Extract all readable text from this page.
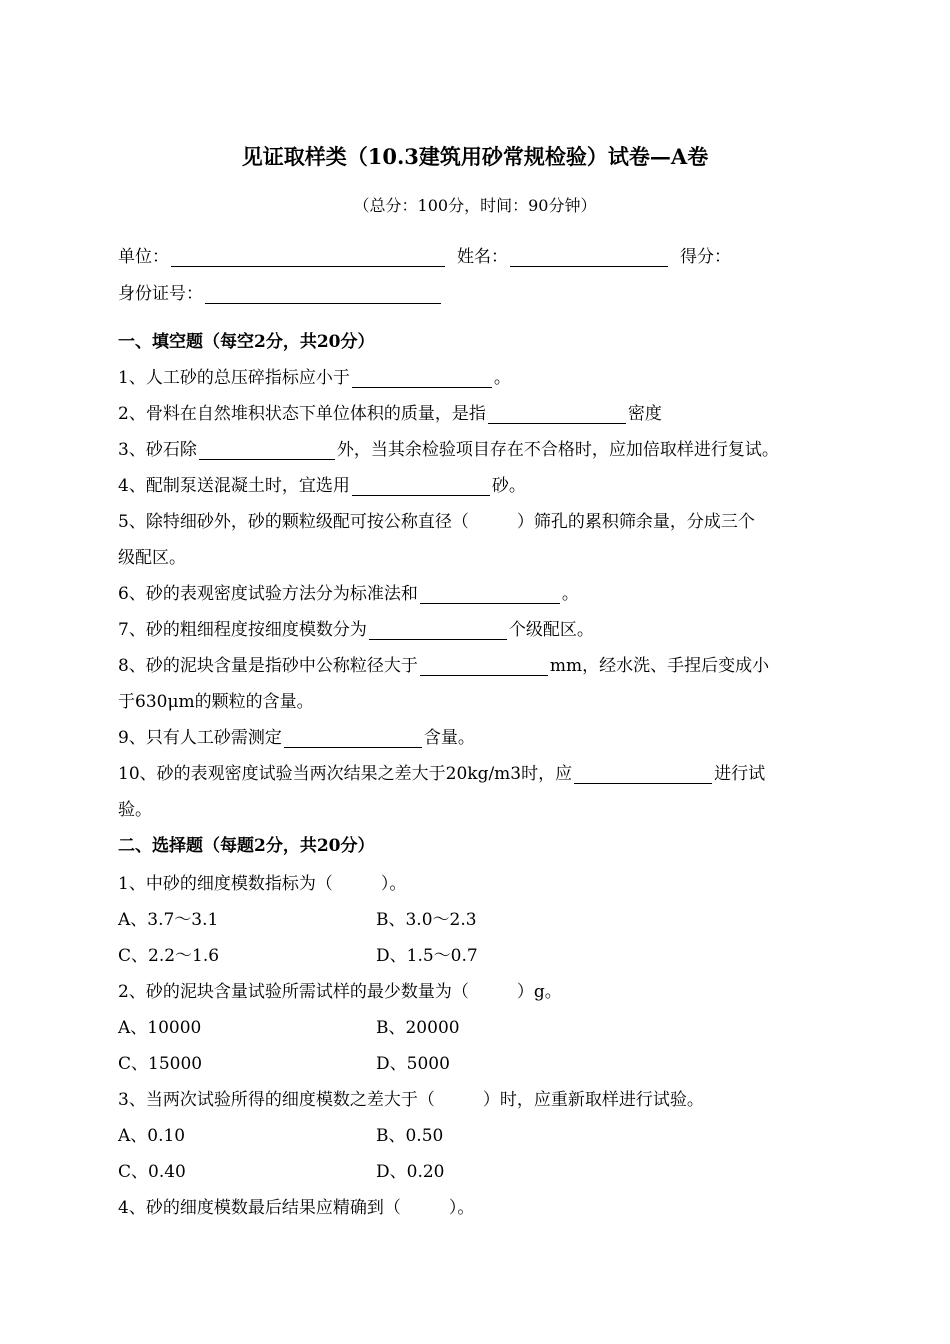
见证取样类（10.3建筑用砂常规检验）试卷—A卷
（总分：100分，时间：90分钟）
单位：	姓名：	得分：
身份证号：
一、填空题（每空2分，共20分）
1、人工砂的总压碎指标应小于	。
2、骨料在自然堆积状态下单位体积的质量，是指	密度
3、砂石除	外，当其余检验项目存在不合格时，应加倍取样进行复试。
4、配制泵送混凝土时，宜选用	砂。
5、除特细砂外，砂的颗粒级配可按公称直径（	）筛孔的累积筛余量，分成三个
级配区。
6、砂的表观密度试验方法分为标准法和	。
7、砂的粗细程度按细度模数分为	个级配区。
8、砂的泥块含量是指砂中公称粒径大于	mm，经水洗、手捏后变成小
于630μm的颗粒的含量。
9、只有人工砂需测定	含量。
10、砂的表观密度试验当两次结果之差大于20kg/m3时，应	进行试
验。
二、选择题（每题2分，共20分）
1、中砂的细度模数指标为（	）。
A、3.7～3.1	B、3.0～2.3
C、2.2～1.6	D、1.5～0.7
2、砂的泥块含量试验所需试样的最少数量为（	）g。
A、10000	B、20000
C、15000	D、5000
3、当两次试验所得的细度模数之差大于（	）时，应重新取样进行试验。
A、0.10	B、0.50
C、0.40	D、0.20
4、砂的细度模数最后结果应精确到（	）。
